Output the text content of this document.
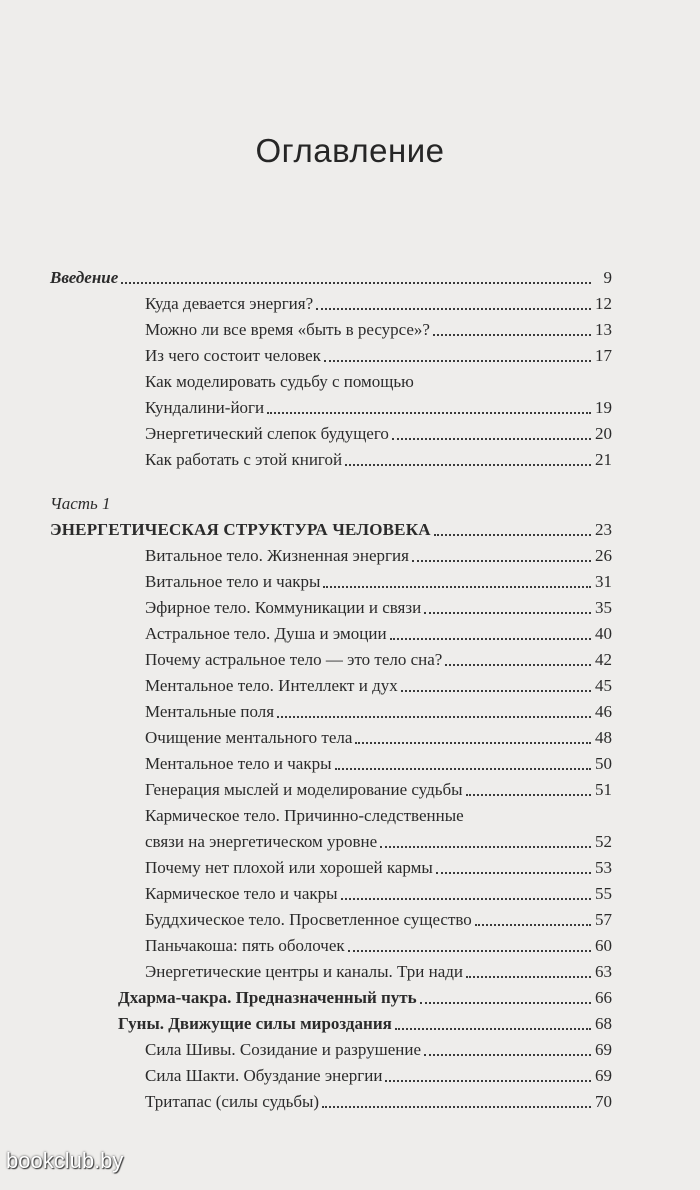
Оглавление
Введение	9
Куда девается энергия?	12
Можно ли все время «быть в ресурсе»?	13
Из чего состоит человек	17
Как моделировать судьбу с помощью
Кундалини-йоги	19
Энергетический слепок будущего	20
Как работать с этой книгой	21
Часть 1
ЭНЕРГЕТИЧЕСКАЯ СТРУКТУРА ЧЕЛОВЕКА	23
Витальное тело. Жизненная энергия	26
Витальное тело и чакры	31
Эфирное тело. Коммуникации и связи	35
Астральное тело. Душа и эмоции	40
Почему астральное тело — это тело сна?	42
Ментальное тело. Интеллект и дух	45
Ментальные поля	46
Очищение ментального тела	48
Ментальное тело и чакры	50
Генерация мыслей и моделирование судьбы	51
Кармическое тело. Причинно-следственные
связи на энергетическом уровне	52
Почему нет плохой или хорошей кармы	53
Кармическое тело и чакры	55
Буддхическое тело. Просветленное существо	57
Паньчакоша: пять оболочек	60
Энергетические центры и каналы. Три нади	63
Дхарма-чакра. Предназначенный путь	66
Гуны. Движущие силы мироздания	68
Сила Шивы. Созидание и разрушение	69
Сила Шакти. Обуздание энергии	69
Тритапас (силы судьбы)	70
bookclub.by
